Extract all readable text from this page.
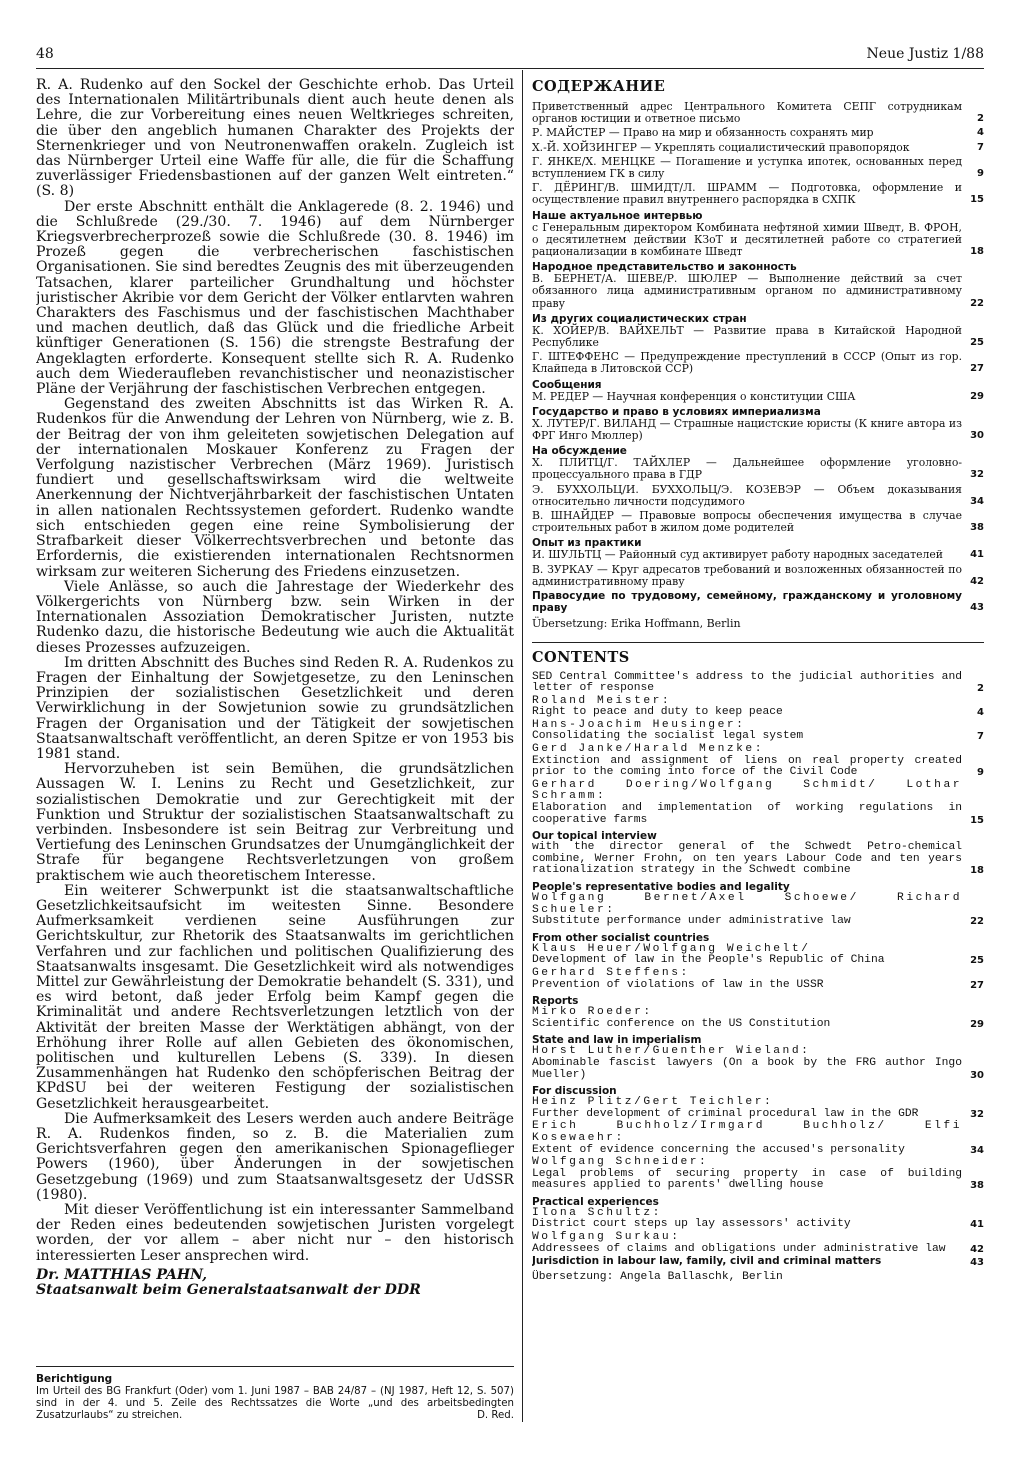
48	Neue Justiz 1/88

R. A. Rudenko auf den Sockel der Geschichte erhob. Das Urteil des Internationalen Militärtribunals dient auch heute denen als Lehre, die zur Vorbereitung eines neuen Weltkrieges schreiten, die über den angeblich humanen Charakter des Projekts der Sternenkrieger und von Neutronenwaffen orakeln. Zugleich ist das Nürnberger Urteil eine Waffe für alle, die für die Schaffung zuverlässiger Friedensbastionen auf der ganzen Welt eintreten.“ (S. 8)

Der erste Abschnitt enthält die Anklagerede (8. 2. 1946) und die Schlußrede (29./30. 7. 1946) auf dem Nürnberger Kriegsverbrecherprozeß sowie die Schlußrede (30. 8. 1946) im Prozeß gegen die verbrecherischen faschistischen Organisationen. Sie sind beredtes Zeugnis des mit überzeugenden Tatsachen, klarer parteilicher Grundhaltung und höchster juristischer Akribie vor dem Gericht der Völker entlarvten wahren Charakters des Faschismus und der faschistischen Machthaber und machen deutlich, daß das Glück und die friedliche Arbeit künftiger Generationen (S. 156) die strengste Bestrafung der Angeklagten erforderte. Konsequent stellte sich R. A. Rudenko auch dem Wiederaufleben revanchistischer und neonazistischer Pläne der Verjährung der faschistischen Verbrechen entgegen.

Gegenstand des zweiten Abschnitts ist das Wirken R. A. Rudenkos für die Anwendung der Lehren von Nürnberg, wie z. B. der Beitrag der von ihm geleiteten sowjetischen Delegation auf der internationalen Moskauer Konferenz zu Fragen der Verfolgung nazistischer Verbrechen (März 1969). Juristisch fundiert und gesellschaftswirksam wird die weltweite Anerkennung der Nichtverjährbarkeit der faschistischen Untaten in allen nationalen Rechtssystemen gefordert. Rudenko wandte sich entschieden gegen eine reine Symbolisierung der Strafbarkeit dieser Völkerrechtsverbrechen und betonte das Erfordernis, die existierenden internationalen Rechtsnormen wirksam zur weiteren Sicherung des Friedens einzusetzen.

Viele Anlässe, so auch die Jahrestage der Wiederkehr des Völkergerichts von Nürnberg bzw. sein Wirken in der Internationalen Assoziation Demokratischer Juristen, nutzte Rudenko dazu, die historische Bedeutung wie auch die Aktualität dieses Prozesses aufzuzeigen.

Im dritten Abschnitt des Buches sind Reden R. A. Rudenkos zu Fragen der Einhaltung der Sowjetgesetze, zu den Leninschen Prinzipien der sozialistischen Gesetzlichkeit und deren Verwirklichung in der Sowjetunion sowie zu grundsätzlichen Fragen der Organisation und der Tätigkeit der sowjetischen Staatsanwaltschaft veröffentlicht, an deren Spitze er von 1953 bis 1981 stand.

Hervorzuheben ist sein Bemühen, die grundsätzlichen Aussagen W. I. Lenins zu Recht und Gesetzlichkeit, zur sozialistischen Demokratie und zur Gerechtigkeit mit der Funktion und Struktur der sozialistischen Staatsanwaltschaft zu verbinden. Insbesondere ist sein Beitrag zur Verbreitung und Vertiefung des Leninschen Grundsatzes der Unumgänglichkeit der Strafe für begangene Rechtsverletzungen von großem praktischem wie auch theoretischem Interesse.

Ein weiterer Schwerpunkt ist die staatsanwaltschaftliche Gesetzlichkeitsaufsicht im weitesten Sinne. Besondere Aufmerksamkeit verdienen seine Ausführungen zur Gerichtskultur, zur Rhetorik des Staatsanwalts im gerichtlichen Verfahren und zur fachlichen und politischen Qualifizierung des Staatsanwalts insgesamt. Die Gesetzlichkeit wird als notwendiges Mittel zur Gewährleistung der Demokratie behandelt (S. 331), und es wird betont, daß jeder Erfolg beim Kampf gegen die Kriminalität und andere Rechtsverletzungen letztlich von der Aktivität der breiten Masse der Werktätigen abhängt, von der Erhöhung ihrer Rolle auf allen Gebieten des ökonomischen, politischen und kulturellen Lebens (S. 339). In diesen Zusammenhängen hat Rudenko den schöpferischen Beitrag der KPdSU bei der weiteren Festigung der sozialistischen Gesetzlichkeit herausgearbeitet.

Die Aufmerksamkeit des Lesers werden auch andere Beiträge R. A. Rudenkos finden, so z. B. die Materialien zum Gerichtsverfahren gegen den amerikanischen Spionageflieger Powers (1960), über Änderungen in der sowjetischen Gesetzgebung (1969) und zum Staatsanwaltsgesetz der UdSSR (1980).

Mit dieser Veröffentlichung ist ein interessanter Sammelband der Reden eines bedeutenden sowjetischen Juristen vorgelegt worden, der vor allem – aber nicht nur – den historisch interessierten Leser ansprechen wird.

Dr. MATTHIAS PAHN,

Staatsanwalt beim Generalstaatsanwalt der DDR

Berichtigung

Im Urteil des BG Frankfurt (Oder) vom 1. Juni 1987 – BAB 24/87 – (NJ 1987, Heft 12, S. 507) sind in der 4. und 5. Zeile des Rechtssatzes die Worte „und des arbeitsbedingten Zusatzurlaubs“ zu streichen.	D. Red.

СОДЕРЖАНИЕ
Приветственный адрес Центрального Комитета СЕПГ сотрудникам органов юстиции и ответное письмо	2
Р. МАЙСТЕР — Право на мир и обязанность сохранять мир	4
Х.-Й. ХОЙЗИНГЕР — Укреплять социалистический правопорядок	7
Г. ЯНКЕ/Х. МЕНЦКЕ — Погашение и уступка ипотек, основанных перед вступлением ГК в силу	9
Г. ДЁРИНГ/В. ШМИДТ/Л. ШРАММ — Подготовка, оформление и осуществление правил внутреннего распорядка в СХПК	15
Наше актуальное интервью
с Генеральным директором Комбината нефтяной химии Шведт, В. ФРОН, о десятилетнем действии КЗоТ и десятилетней работе со стратегией рационализации в комбинате Шведт	18
Народное представительство и законность
В. БЕРНЕТ/А. ШЕВЕ/Р. ШЮЛЕР — Выполнение действий за счет обязанного лица административным органом по административному праву	22
Из других социалистических стран
К. ХОЙЕР/В. ВАЙХЕЛЬТ — Развитие права в Китайской Народной Республике	25
Г. ШТЕФФЕНС — Предупреждение преступлений в СССР (Опыт из гор. Клайпеда в Литовской ССР)	27
Сообщения
М. РЕДЕР — Научная конференция о конституции США	29
Государство и право в условиях империализма
Х. ЛУТЕР/Г. ВИЛАНД — Страшные нацистские юристы (К книге автора из ФРГ Инго Мюллер)	30
На обсуждение
Х. ПЛИТЦ/Г. ТАЙХЛЕР — Дальнейшее оформление уголовно-процессуального права в ГДР	32
Э. БУХХОЛЬЦ/И. БУХХОЛЬЦ/Э. КОЗЕВЭР — Объем доказывания относительно личности подсудимого	34
В. ШНАЙДЕР — Правовые вопросы обеспечения имущества в случае строительных работ в жилом доме родителей	38
Опыт из практики
И. ШУЛЬТЦ — Районный суд активирует работу народных заседателей	41
В. ЗУРКАУ — Круг адресатов требований и возложенных обязанностей по административному праву	42
Правосудие по трудовому, семейному, гражданскому и уголовному праву	43
Übersetzung: Erika Hoffmann, Berlin
CONTENTS
SED Central Committee's address to the judicial authorities and letter of response	2
Roland Meister:
Right to peace and duty to keep peace	4
Hans-Joachim Heusinger:
Consolidating the socialist legal system	7
Gerd Janke/Harald Menzke:
Extinction and assignment of liens on real property created prior to the coming into force of the Civil Code	9
Gerhard Doering/Wolfgang Schmidt/ Lothar Schramm:
Elaboration and implementation of working regulations in cooperative farms	15
Our topical interview
with the director general of the Schwedt Petro-chemical combine, Werner Frohn, on ten years Labour Code and ten years rationalization strategy in the Schwedt combine	18
People's representative bodies and legality
Wolfgang Bernet/Axel Schoewe/ Richard Schueler:
Substitute performance under administrative law	22
From other socialist countries
Klaus Heuer/Wolfgang Weichelt/
Development of law in the People's Republic of China	25
Gerhard Steffens:
Prevention of violations of law in the USSR	27
Reports
Mirko Roeder:
Scientific conference on the US Constitution	29
State and law in imperialism
Horst Luther/Guenther Wieland:
Abominable fascist lawyers (On a book by the FRG author Ingo Mueller)	30
For discussion
Heinz Plitz/Gert Teichler:
Further development of criminal procedural law in the GDR	32
Erich Buchholz/Irmgard Buchholz/ Elfi Kosewaehr:
Extent of evidence concerning the accused's personality	34
Wolfgang Schneider:
Legal problems of securing property in case of building measures applied to parents' dwelling house	38
Practical experiences
Ilona Schultz:
District court steps up lay assessors' activity	41
Wolfgang Surkau:
Addressees of claims and obligations under administrative law 42
Jurisdiction in labour law, family, civil and criminal matters	43
Übersetzung: Angela Ballaschk, Berlin
